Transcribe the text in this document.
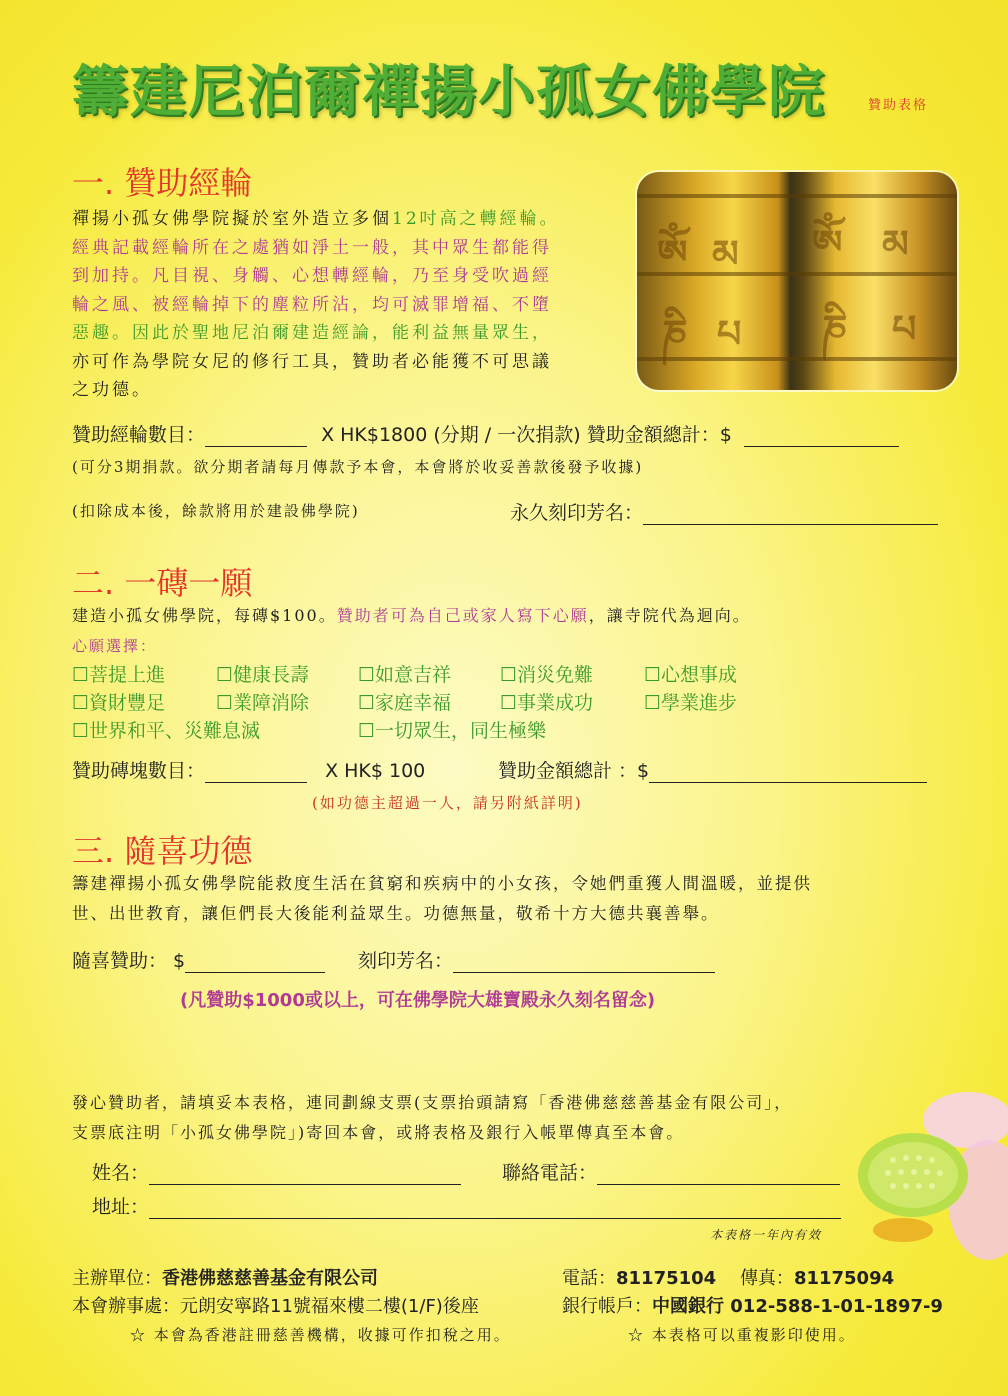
籌建尼泊爾禪揚小孤女佛學院	贊助表格
一. 贊助經輪
禪揚小孤女佛學院擬於室外造立多個12吋高之轉經輪。
經典記載經輪所在之處猶如淨土一般，其中眾生都能得
到加持。凡目視、身觸、心想轉經輪，乃至身受吹過經
輪之風、被經輪掉下的塵粒所沾，均可滅罪增福、不墮
惡趣。因此於聖地尼泊爾建造經論，能利益無量眾生，
亦可作為學院女尼的修行工具，贊助者必能獲不可思議
之功德。
ཨོཾ མ ཨོཾ མ
ཎི པ ཎི པ
贊助經輪數目：	X HK$1800 (分期 / 一次捐款) 贊助金額總計：$
(可分3期捐款。欲分期者請每月傳款予本會，本會將於收妥善款後發予收據)
(扣除成本後，餘款將用於建設佛學院)	永久刻印芳名：
二. 一磚一願
建造小孤女佛學院，每磚$100。贊助者可為自己或家人寫下心願，讓寺院代為迴向。
心願選擇：
☐菩提上進	☐健康長壽	☐如意吉祥	☐消災免難	☐心想事成
☐資財豐足	☐業障消除	☐家庭幸福	☐事業成功	☐學業進步
☐世界和平、災難息滅	☐一切眾生，同生極樂
贊助磚塊數目：	X HK$ 100	贊助金額總計 ：$
(如功德主超過一人，請另附紙詳明)
三. 隨喜功德
籌建禪揚小孤女佛學院能救度生活在貧窮和疾病中的小女孩，令她們重獲人間溫暖，並提供
世、出世教育，讓佢們長大後能利益眾生。功德無量，敬希十方大德共襄善舉。
隨喜贊助： $	刻印芳名：
(凡贊助$1000或以上，可在佛學院大雄寶殿永久刻名留念)
發心贊助者，請填妥本表格，連同劃線支票(支票抬頭請寫「香港佛慈慈善基金有限公司」，
支票底注明「小孤女佛學院」)寄回本會，或將表格及銀行入帳單傳真至本會。
姓名：	聯絡電話：
地址：
本表格一年內有效
主辦單位：香港佛慈慈善基金有限公司	電話：81175104 傳真：81175094
本會辦事處：元朗安寧路11號福來樓二樓(1/F)後座	銀行帳戶：中國銀行 012-588-1-01-1897-9
☆ 本會為香港註冊慈善機構，收據可作扣稅之用。	☆ 本表格可以重複影印使用。
